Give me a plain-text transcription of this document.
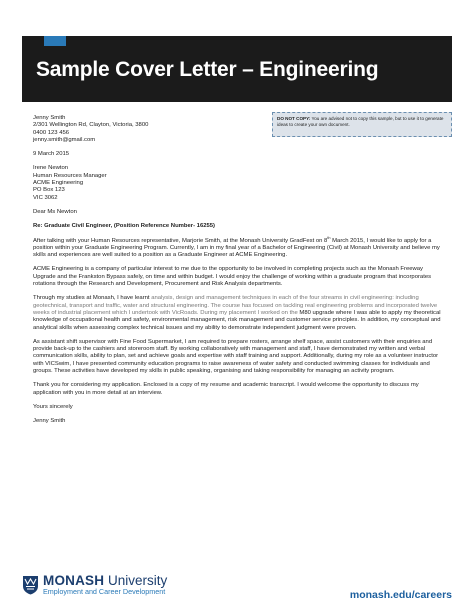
Sample Cover Letter – Engineering
DO NOT COPY: You are advised not to copy this sample, but to use it to generate ideas to create your own document.

Jenny Smith

2/301 Wellington Rd, Clayton, Victoria, 3800

0400 123 456

jenny.smith@gmail.com

9 March 2015

Irene Newton

Human Resources Manager

ACME Engineering

PO Box 123

VIC 3062

Dear Ms Newton

Re: Graduate Civil Engineer, (Position Reference Number- 16255)

After talking with your Human Resources representative, Marjorie Smith, at the Monash University GradFest on 8th March 2015, I would like to apply for a position within your Graduate Engineering Program. Currently, I am in my final year of a Bachelor of Engineering (Civil) at Monash University and believe my skills and experiences are well suited to a position as a Graduate Engineer at ACME Engineering.

ACME Engineering is a company of particular interest to me due to the opportunity to be involved in completing projects such as the Monash Freeway Upgrade and the Frankston Bypass safely, on time and within budget. I would enjoy the challenge of working within a graduate program that incorporates rotations through the Research and Development, Procurement and Risk Analysis departments.

Through my studies at Monash, I have learnt analysis, design and management techniques in each of the four streams in civil engineering: including geotechnical, transport and traffic, water and structural engineering. The course has focused on tackling real engineering problems and incorporated twelve weeks of industrial placement which I undertook with VicRoads. During my placement I worked on the M80 upgrade where I was able to apply my theoretical knowledge of occupational health and safety, environmental management, risk management and customer service principles. In addition, my conceptual and analytical skills when assessing complex technical issues and my ability to demonstrate independent judgment were proven.

As assistant shift supervisor with Fine Food Supermarket, I am required to prepare rosters, arrange shelf space, assist customers with their enquiries and provide back-up to the cashiers and storeroom staff. By working collaboratively with management and staff, I have demonstrated my written and verbal communication skills, ability to plan, set and achieve goals and expertise with staff training and support. Additionally, during my role as a volunteer instructor with VICSwim, I have presented community education programs to raise awareness of water safety and conducted swimming classes for individuals and groups. These activities have developed my skills in public speaking, organising and taking responsibility for managing an activity program.

Thank you for considering my application. Enclosed is a copy of my resume and academic transcript. I would welcome the opportunity to discuss my application with you in more detail at an interview.

Yours sincerely

Jenny Smith

MONASH University
Employment and Career Development	monash.edu/careers
